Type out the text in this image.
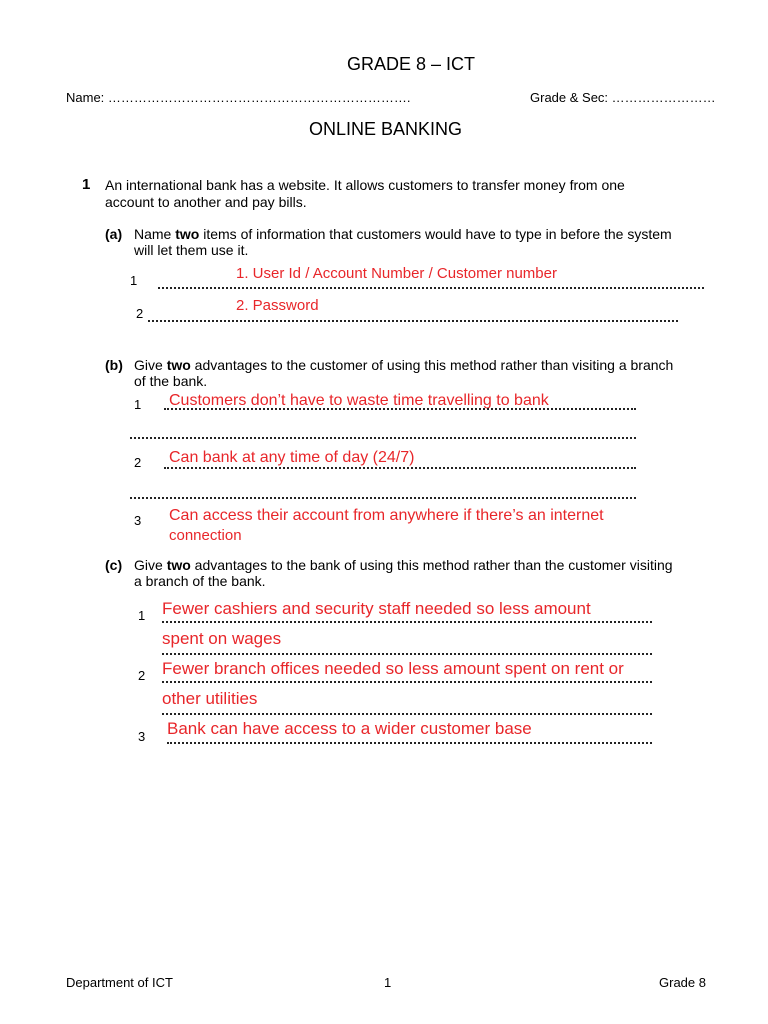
GRADE 8 – ICT
Name: …………………………………………………………….	Grade & Sec: ……………………
ONLINE BANKING
1 An international bank has a website. It allows customers to transfer money from one
account to another and pay bills.
(a) Name two items of information that customers would have to type in before the system
will let them use it.
1	1. User Id / Account Number / Customer number
2	2. Password
(b) Give two advantages to the customer of using this method rather than visiting a branch
of the bank.
1 Customers don’t have to waste time travelling to bank
2 Can bank at any time of day (24/7)
3 Can access their account from anywhere if there’s an internet
connection
(c) Give two advantages to the bank of using this method rather than the customer visiting
a branch of the bank.
1 Fewer cashiers and security staff needed so less amount
spent on wages
2 Fewer branch offices needed so less amount spent on rent or
other utilities
3 Bank can have access to a wider customer base
Department of ICT	1	Grade 8
